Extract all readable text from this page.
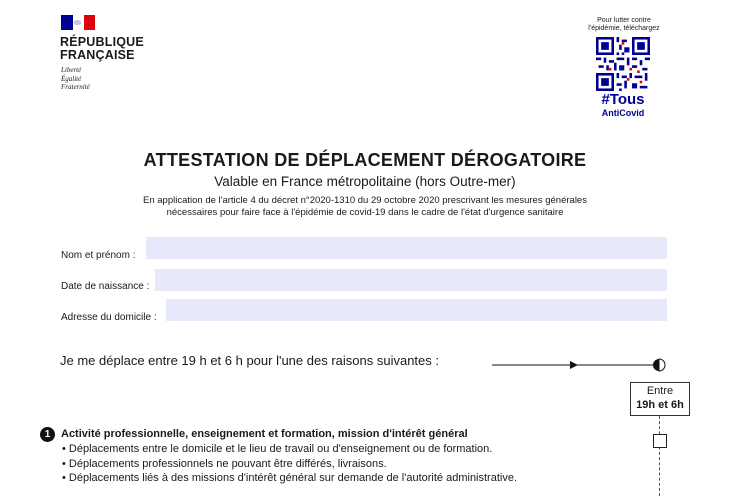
RÉPUBLIQUE
FRANÇAISE
Liberté
Égalité
Fraternité
Pour lutter contre
l'épidémie, téléchargez
#Tous
AntiCovid
ATTESTATION DE DÉPLACEMENT DÉROGATOIRE
Valable en France métropolitaine (hors Outre-mer)
En application de l'article 4 du décret n°2020-1310 du 29 octobre 2020 prescrivant les mesures générales
nécessaires pour faire face à l'épidémie de covid-19 dans le cadre de l'état d'urgence sanitaire
Nom et prénom :
Date de naissance :
Adresse du domicile :
Je me déplace entre 19 h et 6 h pour l'une des raisons suivantes :
Entre
19h et 6h
1 Activité professionnelle, enseignement et formation, mission d'intérêt général
• Déplacements entre le domicile et le lieu de travail ou d'enseignement ou de formation.
• Déplacements professionnels ne pouvant être différés, livraisons.
• Déplacements liés à des missions d'intérêt général sur demande de l'autorité administrative.
